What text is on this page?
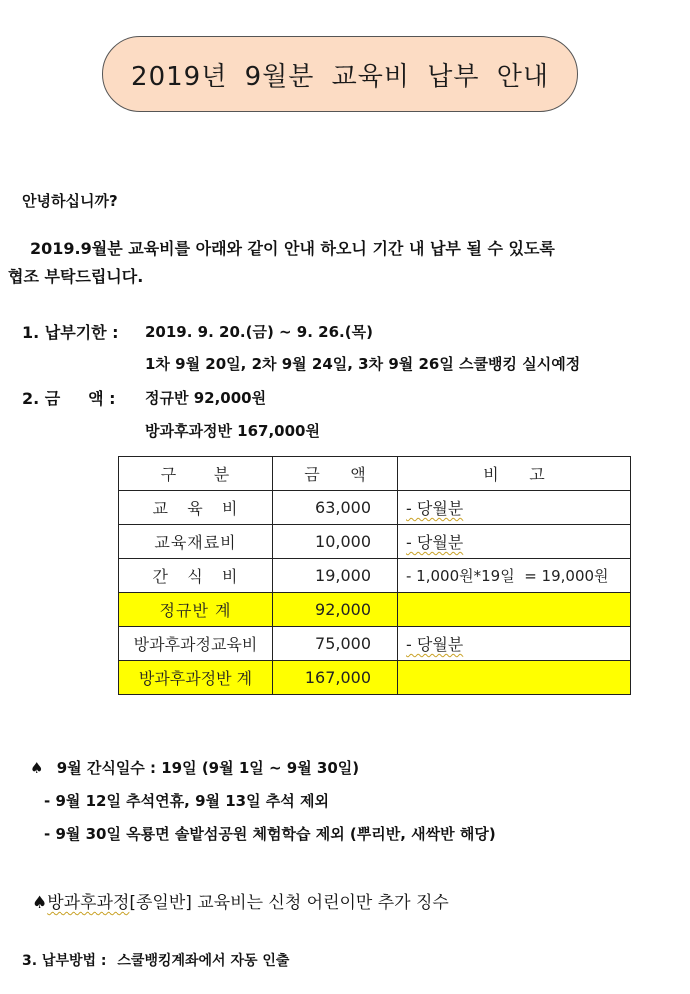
2019년 9월분 교육비 납부 안내
안녕하십니까?
2019.9월분 교육비를 아래와 같이 안내 하오니 기간 내 납부 될 수 있도록
협조 부탁드립니다.
1. 납부기한 : 2019. 9. 20.(금) ~ 9. 26.(목)
1차 9월 20일, 2차 9월 24일, 3차 9월 26일 스쿨뱅킹 실시예정
2. 금     액 : 정규반 92,000원
방과후과정반 167,000원
구      분	금      액	비      고
교   육   비	63,000	- 당월분
교육재료비	10,000	- 당월분
간   식   비	19,000	- 1,000원*19일  = 19,000원
정규반 계	92,000	
방과후과정교육비	75,000	- 당월분
방과후과정반 계	167,000	
♠ 9월 간식일수 : 19일 (9월 1일 ~ 9월 30일)
- 9월 12일 추석연휴, 9월 13일 추석 제외
- 9월 30일 옥룡면 솔밭섬공원 체험학습 제외 (뿌리반, 새싹반 해당)
♠방과후과정[종일반] 교육비는 신청 어린이만 추가 징수
3. 납부방법 : 스쿨뱅킹계좌에서 자동 인출
